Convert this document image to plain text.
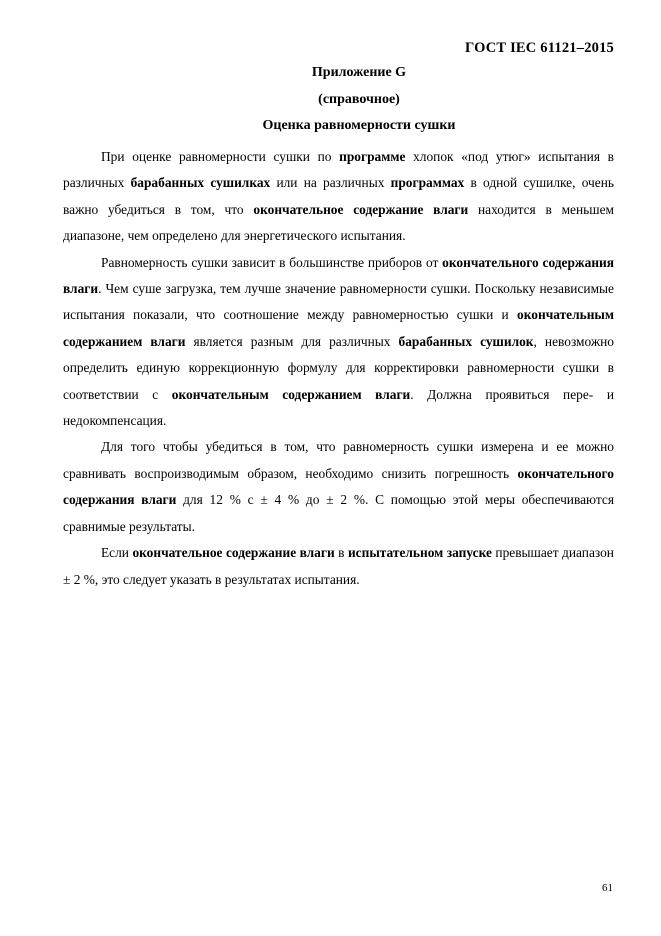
ГОСТ IEC 61121–2015
Приложение G
(справочное)
Оценка равномерности сушки

При оценке равномерности сушки по программе хлопок «под утюг» испытания в различных барабанных сушилках или на различных программах в одной сушилке, очень важно убедиться в том, что окончательное содержание влаги находится в меньшем диапазоне, чем определено для энергетического испытания.

Равномерность сушки зависит в большинстве приборов от окончательного содержания влаги. Чем суше загрузка, тем лучше значение равномерности сушки. Поскольку независимые испытания показали, что соотношение между равномерностью сушки и окончательным содержанием влаги является разным для различных барабанных сушилок, невозможно определить единую коррекционную формулу для корректировки равномерности сушки в соответствии с окончательным содержанием влаги. Должна проявиться пере- и недокомпенсация.

Для того чтобы убедиться в том, что равномерность сушки измерена и ее можно сравнивать воспроизводимым образом, необходимо снизить погрешность окончательного содержания влаги для 12 % с ± 4 % до ± 2 %. С помощью этой меры обеспечиваются сравнимые результаты.

Если окончательное содержание влаги в испытательном запуске превышает диапазон ± 2 %, это следует указать в результатах испытания.

61
